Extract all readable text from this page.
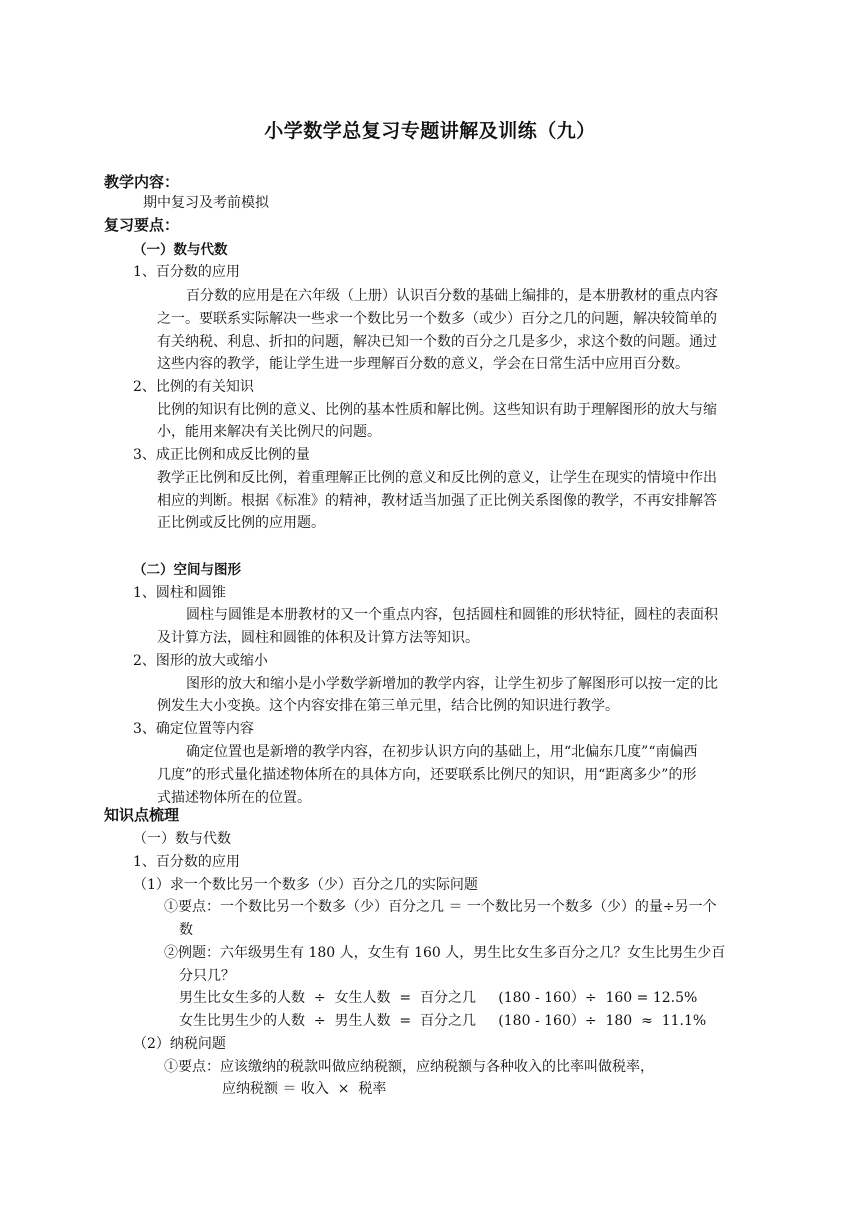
小学数学总复习专题讲解及训练（九）
教学内容：
期中复习及考前模拟
复习要点：
（一）数与代数
1、百分数的应用
百分数的应用是在六年级（上册）认识百分数的基础上编排的，是本册教材的重点内容
之一。要联系实际解决一些求一个数比另一个数多（或少）百分之几的问题，解决较简单的
有关纳税、利息、折扣的问题，解决已知一个数的百分之几是多少，求这个数的问题。通过
这些内容的教学，能让学生进一步理解百分数的意义，学会在日常生活中应用百分数。
2、比例的有关知识
比例的知识有比例的意义、比例的基本性质和解比例。这些知识有助于理解图形的放大与缩
小，能用来解决有关比例尺的问题。
3、成正比例和成反比例的量
教学正比例和反比例，着重理解正比例的意义和反比例的意义，让学生在现实的情境中作出
相应的判断。根据《标准》的精神，教材适当加强了正比例关系图像的教学，不再安排解答
正比例或反比例的应用题。
（二）空间与图形
1、圆柱和圆锥
圆柱与圆锥是本册教材的又一个重点内容，包括圆柱和圆锥的形状特征，圆柱的表面积
及计算方法，圆柱和圆锥的体积及计算方法等知识。
2、图形的放大或缩小
图形的放大和缩小是小学数学新增加的教学内容，让学生初步了解图形可以按一定的比
例发生大小变换。这个内容安排在第三单元里，结合比例的知识进行教学。
3、确定位置等内容
确定位置也是新增的教学内容，在初步认识方向的基础上，用“北偏东几度”“南偏西
几度”的形式量化描述物体所在的具体方向，还要联系比例尺的知识，用“距离多少”的形
式描述物体所在的位置。
知识点梳理
（一）数与代数
1、百分数的应用
（1）求一个数比另一个数多（少）百分之几的实际问题
①要点：一个数比另一个数多（少）百分之几 ＝ 一个数比另一个数多（少）的量÷另一个
数
②例题：六年级男生有 180 人，女生有 160 人，男生比女生多百分之几？女生比男生少百
分只几？
男生比女生多的人数  ÷  女生人数  =  百分之几     (180 - 160）÷  160 = 12.5%
女生比男生少的人数  ÷  男生人数  =  百分之几     (180 - 160）÷  180  ≈  11.1%
（2）纳税问题
①要点：应该缴纳的税款叫做应纳税额，应纳税额与各种收入的比率叫做税率，
应纳税额 ＝ 收入  ×  税率
